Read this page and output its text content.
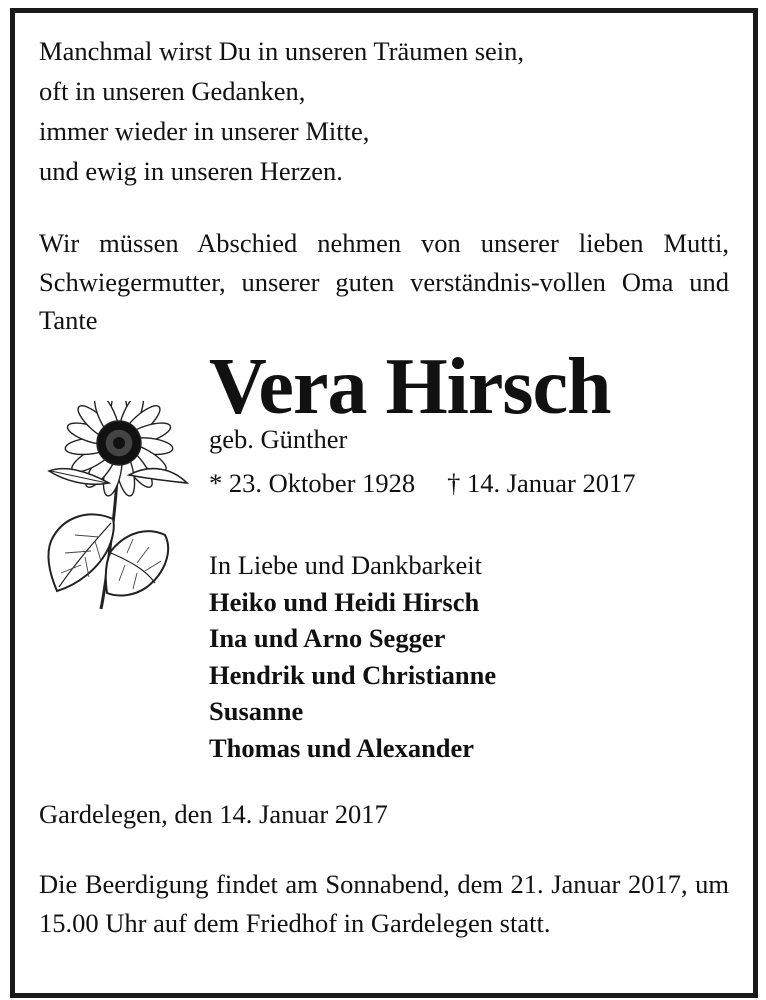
Manchmal wirst Du in unseren Träumen sein,
oft in unseren Gedanken,
immer wieder in unserer Mitte,
und ewig in unseren Herzen.
Wir müssen Abschied nehmen von unserer lieben Mutti, Schwiegermutter, unserer guten verständnis-vollen Oma und Tante
Vera Hirsch
geb. Günther
* 23. Oktober 1928 † 14. Januar 2017
In Liebe und Dankbarkeit
Heiko und Heidi Hirsch
Ina und Arno Segger
Hendrik und Christianne
Susanne
Thomas und Alexander
Gardelegen, den 14. Januar 2017
Die Beerdigung findet am Sonnabend, dem 21. Januar 2017, um 15.00 Uhr auf dem Friedhof in Gardelegen statt.
